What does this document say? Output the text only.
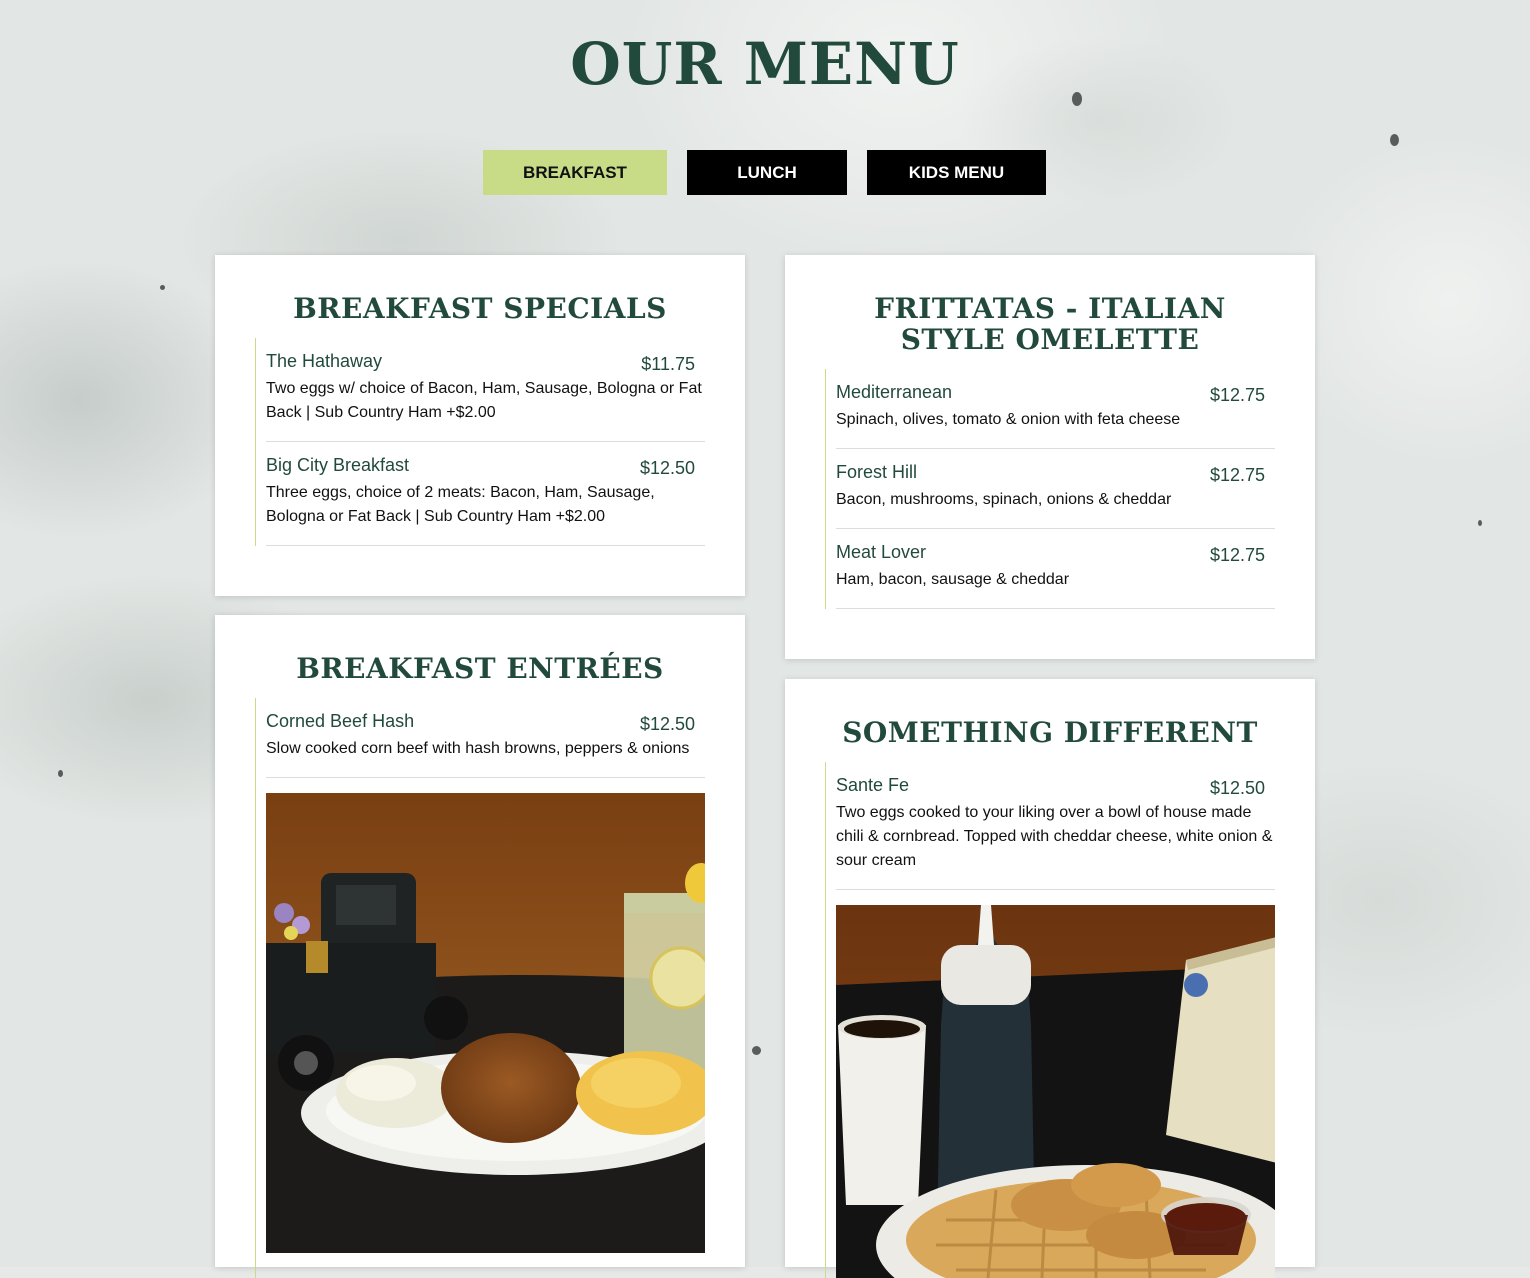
OUR MENU
BREAKFAST	LUNCH	KIDS MENU
BREAKFAST SPECIALS
The Hathaway	$11.75
Two eggs w/ choice of Bacon, Ham, Sausage, Bologna or Fat Back | Sub Country Ham +$2.00
Big City Breakfast	$12.50
Three eggs, choice of 2 meats: Bacon, Ham, Sausage, Bologna or Fat Back | Sub Country Ham +$2.00
FRITTATAS - ITALIAN STYLE OMELETTE
Mediterranean	$12.75
Spinach, olives, tomato & onion with feta cheese
Forest Hill	$12.75
Bacon, mushrooms, spinach, onions & cheddar
Meat Lover	$12.75
Ham, bacon, sausage & cheddar
BREAKFAST ENTRÉES
Corned Beef Hash	$12.50
Slow cooked corn beef with hash browns, peppers & onions	SOMETHING DIFFERENT
Sante Fe	$12.50
Two eggs cooked to your liking over a bowl of house made chili & cornbread. Topped with cheddar cheese, white onion & sour cream
